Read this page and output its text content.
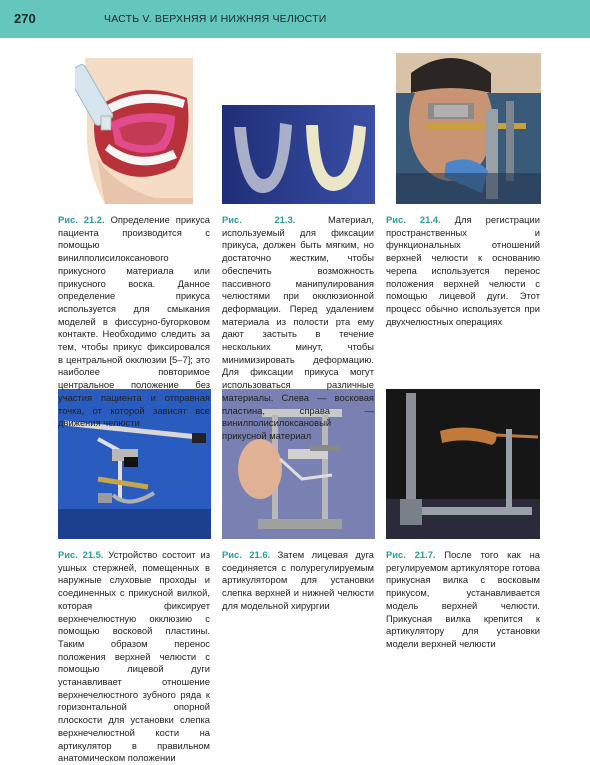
270	ЧАСТЬ V. ВЕРХНЯЯ И НИЖНЯЯ ЧЕЛЮСТИ
Рис. 21.2. Определение прикуса пациента производится с помощью винилполисилоксанового прикусного материала или прикусного воска. Данное определение прикуса используется для смыкания моделей в фиссурно-бугорковом контакте. Необходимо следить за тем, чтобы прикус фиксировался в центральной окклюзии [5–7]; это наиболее повторимое центральное положение без участия пациента и отправная точка, от которой зависят все движения челюсти
Рис. 21.3.	Материал, используемый для фиксации прикуса, должен быть мягким, но достаточно жестким, чтобы обеспечить возможность пассивного манипулирования челюстями при окклюзионной деформации. Перед удалением материала из полости рта ему дают застыть в течение нескольких минут, чтобы минимизировать деформацию. Для фиксации прикуса могут использоваться различные материалы. Слева — восковая пластина, справа — винилполисилоксановый прикусной материал
Рис. 21.4. Для регистрации пространственных и функциональных отношений верхней челюсти к основанию черепа используется перенос положения верхней челюсти с помощью лицевой дуги. Этот процесс обычно используется при двухчелюстных операциях
Рис. 21.5. Устройство состоит из ушных стержней, помещенных в наружные слуховые проходы и соединенных с прикусной вилкой, которая фиксирует верхнечелюстную окклюзию с помощью восковой пластины. Таким образом перенос положения верхней челюсти с помощью лицевой дуги устанавливает отношение верхнечелюстного зубного ряда к горизонтальной опорной плоскости для установки слепка верхнечелюстной кости на артикулятор в правильном анатомическом положении
Рис. 21.6. Затем лицевая дуга соединяется с полурегулируемым артикулятором для установки слепка верхней и нижней челюсти для модельной хирургии
Рис. 21.7. После того как на регулируемом артикуляторе готова прикусная вилка с восковым прикусом, устанавливается модель верхней челюсти. Прикусная вилка крепится к артикулятору для установки модели верхней челюсти
